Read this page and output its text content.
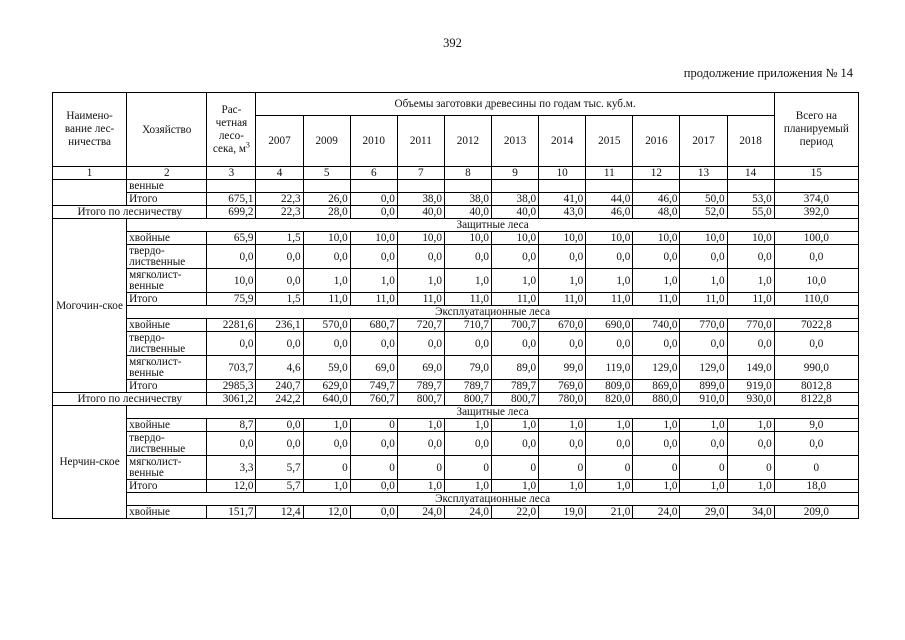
392
продолжение приложения № 14
Наимено-вание лес-ничества	Хозяйство	Рас-четная лесо-сека, $м^3$	Объемы заготовки древесины по годам тыс. куб.м.											Всего на планируемый период
			2007	2009	2010	2011	2012	2013	2014	2015	2016	2017	2018	
1	2	3	4	5	6	7	8	9	10	11	12	13	14	15
	венные													
	Итого	675,1	22,3	26,0	0,0	38,0	38,0	38,0	41,0	44,0	46,0	50,0	53,0	374,0
Итого по лесничеству		699,2	22,3	28,0	0,0	40,0	40,0	40,0	43,0	46,0	48,0	52,0	55,0	392,0
Могочин-ское	Защитные леса													
	хвойные	65,9	1,5	10,0	10,0	10,0	10,0	10,0	10,0	10,0	10,0	10,0	10,0	100,0
	твердо-лиственные	0,0	0,0	0,0	0,0	0,0	0,0	0,0	0,0	0,0	0,0	0,0	0,0	0,0
	мягколист-венные	10,0	0,0	1,0	1,0	1,0	1,0	1,0	1,0	1,0	1,0	1,0	1,0	10,0
	Итого	75,9	1,5	11,0	11,0	11,0	11,0	11,0	11,0	11,0	11,0	11,0	11,0	110,0
	Эксплуатационные леса													
	хвойные	2281,6	236,1	570,0	680,7	720,7	710,7	700,7	670,0	690,0	740,0	770,0	770,0	7022,8
	твердо-лиственные	0,0	0,0	0,0	0,0	0,0	0,0	0,0	0,0	0,0	0,0	0,0	0,0	0,0
	мягколист-венные	703,7	4,6	59,0	69,0	69,0	79,0	89,0	99,0	119,0	129,0	129,0	149,0	990,0
	Итого	2985,3	240,7	629,0	749,7	789,7	789,7	789,7	769,0	809,0	869,0	899,0	919,0	8012,8
Итого по лесничеству		3061,2	242,2	640,0	760,7	800,7	800,7	800,7	780,0	820,0	880,0	910,0	930,0	8122,8
Нерчин-ское	Защитные леса													
	хвойные	8,7	0,0	1,0	0	1,0	1,0	1,0	1,0	1,0	1,0	1,0	1,0	9,0
	твердо-лиственные	0,0	0,0	0,0	0,0	0,0	0,0	0,0	0,0	0,0	0,0	0,0	0,0	0,0
	мягколист-венные	3,3	5,7	0	0	0	0	0	0	0	0	0	0	0
	Итого	12,0	5,7	1,0	0,0	1,0	1,0	1,0	1,0	1,0	1,0	1,0	1,0	18,0
	Эксплуатационные леса													
	хвойные	151,7	12,4	12,0	0,0	24,0	24,0	22,0	19,0	21,0	24,0	29,0	34,0	209,0
